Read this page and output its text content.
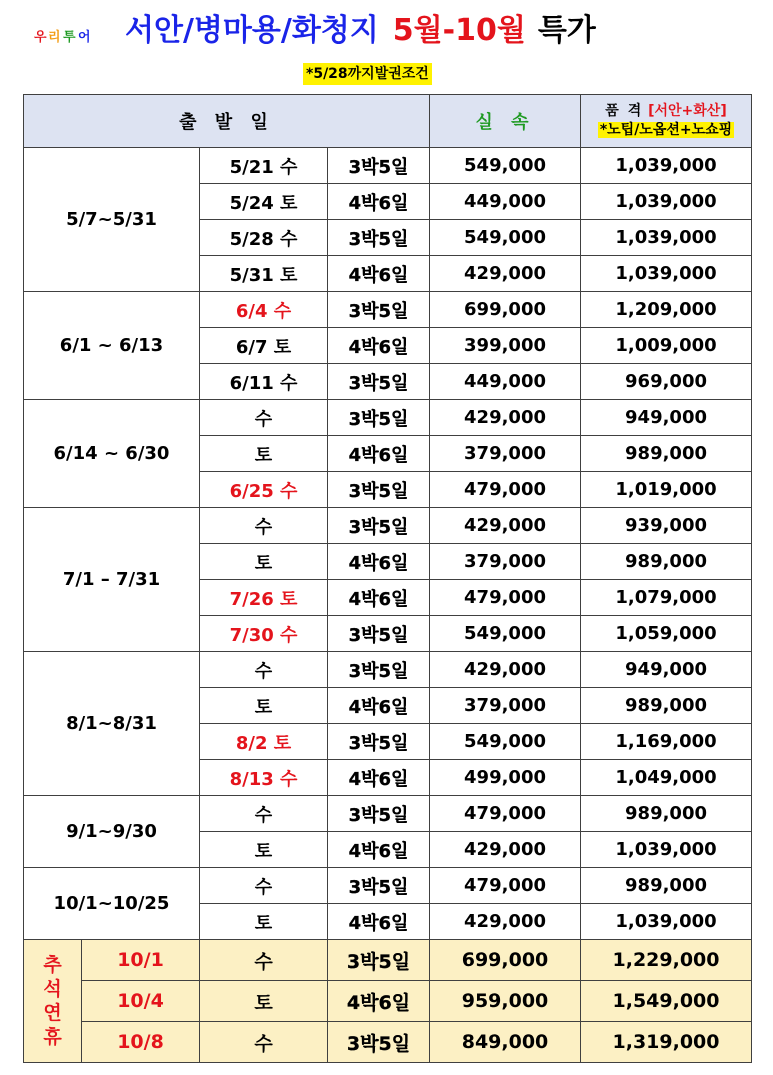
우 리 투 어 서안/병마용/화청지 5월-10월 특가
*5/28까지발권조건
출 발 일				실 속	품 격 [서안+화산]
*노팁/노옵션+노쇼핑

5/7~5/31		5/21 수	3박5일	549,000	1,039,000
		5/24 토	4박6일	449,000	1,039,000
		5/28 수	3박5일	549,000	1,039,000
		5/31 토	4박6일	429,000	1,039,000
6/1 ~ 6/13		6/4 수	3박5일	699,000	1,209,000
		6/7 토	4박6일	399,000	1,009,000
		6/11 수	3박5일	449,000	969,000
6/14 ~ 6/30		수	3박5일	429,000	949,000
		토	4박6일	379,000	989,000
		6/25 수	3박5일	479,000	1,019,000
7/1 – 7/31		수	3박5일	429,000	939,000
		토	4박6일	379,000	989,000
		7/26 토	4박6일	479,000	1,079,000
		7/30 수	3박5일	549,000	1,059,000
8/1~8/31		수	3박5일	429,000	949,000
		토	4박6일	379,000	989,000
		8/2 토	3박5일	549,000	1,169,000
		8/13 수	4박6일	499,000	1,049,000
9/1~9/30		수	3박5일	479,000	989,000
		토	4박6일	429,000	1,039,000
10/1~10/25		수	3박5일	479,000	989,000
		토	4박6일	429,000	1,039,000

추
석
연
휴	10/1	수	3박5일	699,000	1,229,000
	10/4	토	4박6일	959,000	1,549,000
	10/8	수	3박5일	849,000	1,319,000
